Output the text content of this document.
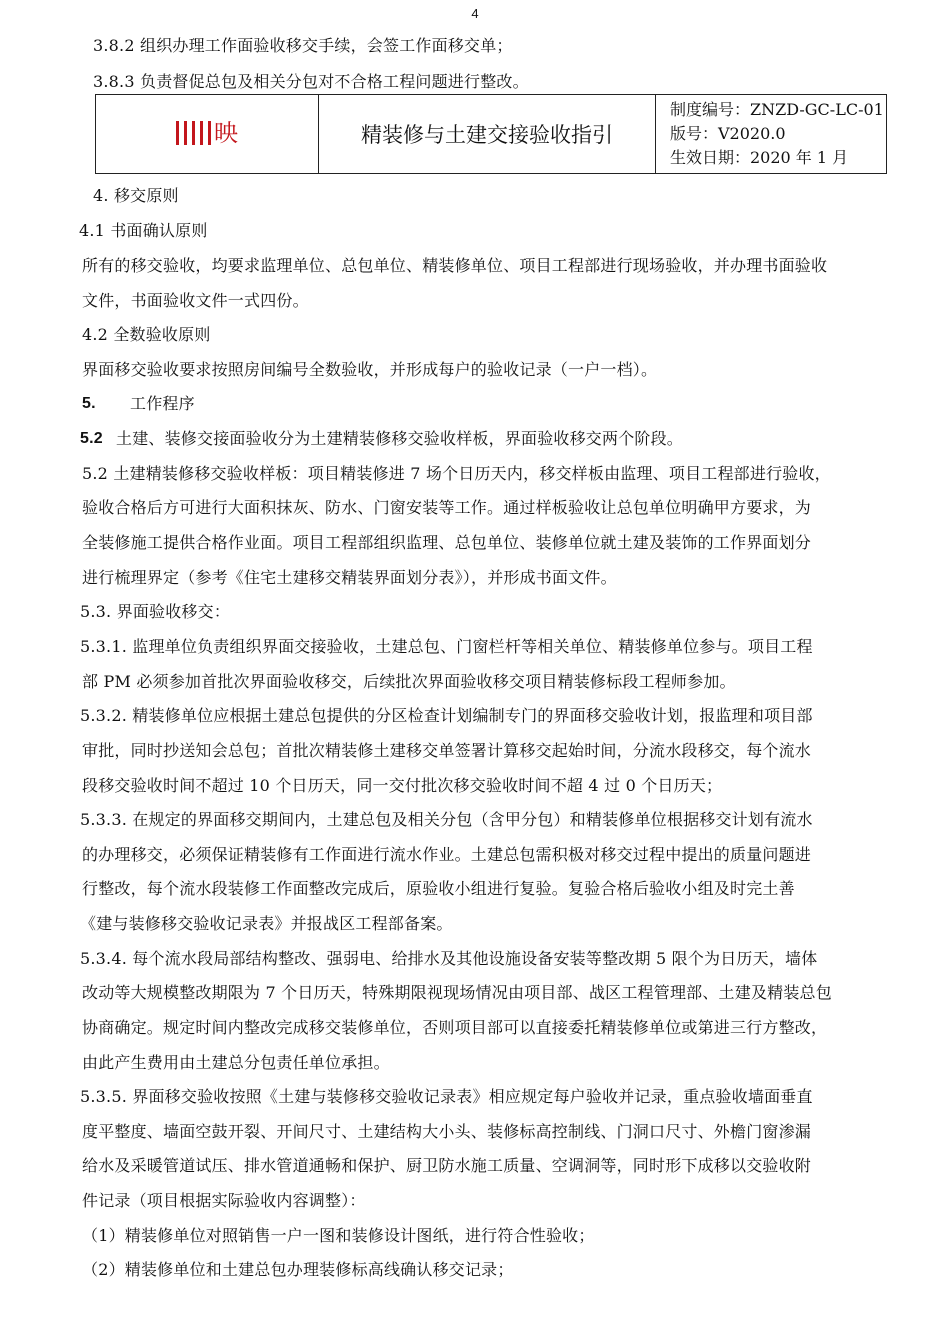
4
3.8.2 组织办理工作面验收移交手续，会签工作面移交单；
3.8.3 负责督促总包及相关分包对不合格工程问题进行整改。
映	精装修与土建交接验收指引	
制度编号：ZNZD-GC-LC-01
版号：V2020.0
生效日期：2020 年 1 月
4. 移交原则
4.1 书面确认原则
所有的移交验收，均要求监理单位、总包单位、精装修单位、项目工程部进行现场验收，并办理书面验收
文件，书面验收文件一式四份。
4.2 全数验收原则
界面移交验收要求按照房间编号全数验收，并形成每户的验收记录（一户一档）。
5. 工作程序
5.2 土建、装修交接面验收分为土建精装修移交验收样板，界面验收移交两个阶段。
5.2 土建精装修移交验收样板：项目精装修进 7 场个日历天内，移交样板由监理、项目工程部进行验收，
验收合格后方可进行大面积抹灰、防水、门窗安装等工作。通过样板验收让总包单位明确甲方要求，为
全装修施工提供合格作业面。项目工程部组织监理、总包单位、装修单位就土建及装饰的工作界面划分
进行梳理界定（参考《住宅土建移交精装界面划分表》），并形成书面文件。
5.3. 界面验收移交：
5.3.1. 监理单位负责组织界面交接验收，土建总包、门窗栏杆等相关单位、精装修单位参与。项目工程
部 PM 必须参加首批次界面验收移交，后续批次界面验收移交项目精装修标段工程师参加。
5.3.2. 精装修单位应根据土建总包提供的分区检查计划编制专门的界面移交验收计划，报监理和项目部
审批，同时抄送知会总包；首批次精装修土建移交单签署计算移交起始时间，分流水段移交，每个流水
段移交验收时间不超过 10 个日历天，同一交付批次移交验收时间不超 4 过 0 个日历天；
5.3.3. 在规定的界面移交期间内，土建总包及相关分包（含甲分包）和精装修单位根据移交计划有流水
的办理移交，必须保证精装修有工作面进行流水作业。土建总包需积极对移交过程中提出的质量问题进
行整改，每个流水段装修工作面整改完成后，原验收小组进行复验。复验合格后验收小组及时完土善
《建与装修移交验收记录表》并报战区工程部备案。
5.3.4. 每个流水段局部结构整改、强弱电、给排水及其他设施设备安装等整改期 5 限个为日历天，墙体
改动等大规模整改期限为 7 个日历天，特殊期限视现场情况由项目部、战区工程管理部、土建及精装总包
协商确定。规定时间内整改完成移交装修单位，否则项目部可以直接委托精装修单位或第进三行方整改，
由此产生费用由土建总分包责任单位承担。
5.3.5. 界面移交验收按照《土建与装修移交验收记录表》相应规定每户验收并记录，重点验收墙面垂直
度平整度、墙面空鼓开裂、开间尺寸、土建结构大小头、装修标高控制线、门洞口尺寸、外檐门窗渗漏
给水及采暖管道试压、排水管道通畅和保护、厨卫防水施工质量、空调洞等，同时形下成移以交验收附
件记录（项目根据实际验收内容调整）：
（1）精装修单位对照销售一户一图和装修设计图纸，进行符合性验收；
（2）精装修单位和土建总包办理装修标高线确认移交记录；
